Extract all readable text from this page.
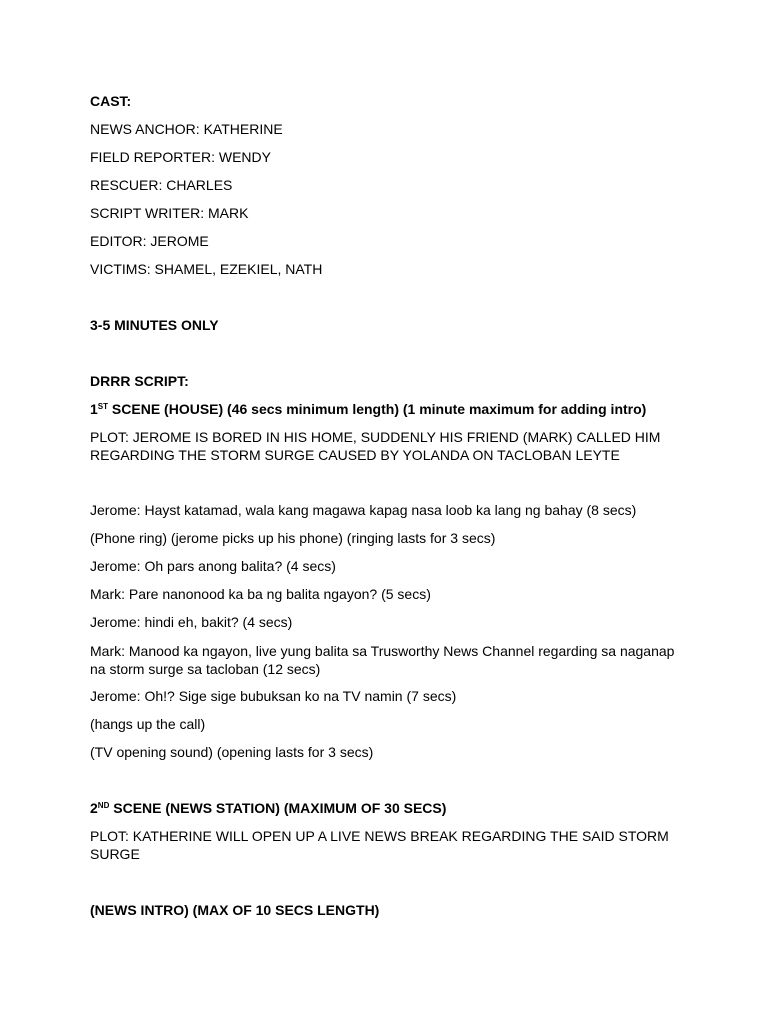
CAST:
NEWS ANCHOR: KATHERINE
FIELD REPORTER: WENDY
RESCUER: CHARLES
SCRIPT WRITER: MARK
EDITOR: JEROME
VICTIMS: SHAMEL, EZEKIEL, NATH
3-5 MINUTES ONLY
DRRR SCRIPT:
1ST SCENE (HOUSE) (46 secs minimum length) (1 minute maximum for adding intro)
PLOT: JEROME IS BORED IN HIS HOME, SUDDENLY HIS FRIEND (MARK) CALLED HIM REGARDING THE STORM SURGE CAUSED BY YOLANDA ON TACLOBAN LEYTE
Jerome: Hayst katamad, wala kang magawa kapag nasa loob ka lang ng bahay (8 secs)
(Phone ring) (jerome picks up his phone) (ringing lasts for 3 secs)
Jerome: Oh pars anong balita? (4 secs)
Mark: Pare nanonood ka ba ng balita ngayon? (5 secs)
Jerome: hindi eh, bakit? (4 secs)
Mark: Manood ka ngayon, live yung balita sa Trusworthy News Channel regarding sa naganap na storm surge sa tacloban (12 secs)
Jerome: Oh!? Sige sige bubuksan ko na TV namin (7 secs)
(hangs up the call)
(TV opening sound) (opening lasts for 3 secs)
2ND SCENE (NEWS STATION) (MAXIMUM OF 30 SECS)
PLOT: KATHERINE WILL OPEN UP A LIVE NEWS BREAK REGARDING THE SAID STORM SURGE
(NEWS INTRO) (MAX OF 10 SECS LENGTH)
